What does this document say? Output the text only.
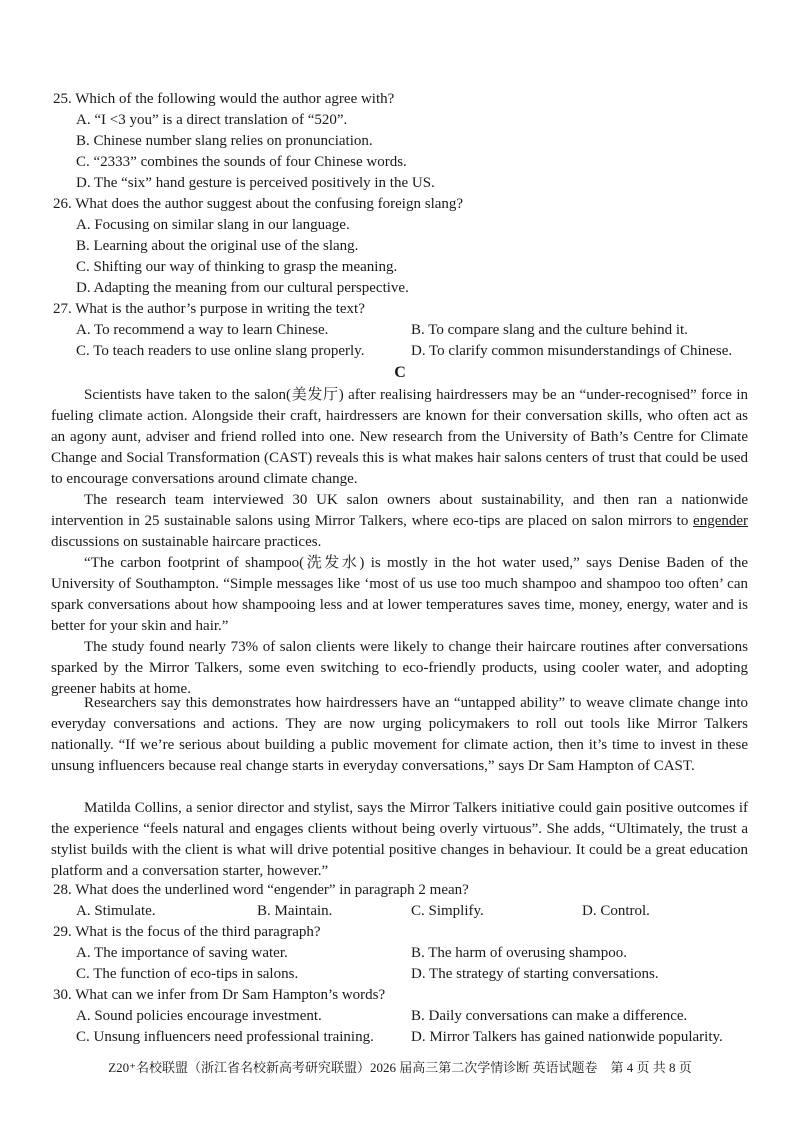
25. Which of the following would the author agree with?
A. “I <3 you” is a direct translation of “520”.
B. Chinese number slang relies on pronunciation.
C. “2333” combines the sounds of four Chinese words.
D. The “six” hand gesture is perceived positively in the US.
26. What does the author suggest about the confusing foreign slang?
A. Focusing on similar slang in our language.
B. Learning about the original use of the slang.
C. Shifting our way of thinking to grasp the meaning.
D. Adapting the meaning from our cultural perspective.
27. What is the author’s purpose in writing the text?
A. To recommend a way to learn Chinese.	B. To compare slang and the culture behind it.
C. To teach readers to use online slang properly.	D. To clarify common misunderstandings of Chinese.
C

Scientists have taken to the salon(美发厅) after realising hairdressers may be an “under-recognised” force in fueling climate action. Alongside their craft, hairdressers are known for their conversation skills, who often act as an agony aunt, adviser and friend rolled into one. New research from the University of Bath’s Centre for Climate Change and Social Transformation (CAST) reveals this is what makes hair salons centers of trust that could be used to encourage conversations around climate change.

The research team interviewed 30 UK salon owners about sustainability, and then ran a nationwide intervention in 25 sustainable salons using Mirror Talkers, where eco-tips are placed on salon mirrors to engender discussions on sustainable haircare practices.

“The carbon footprint of shampoo(洗发水) is mostly in the hot water used,” says Denise Baden of the University of Southampton. “Simple messages like ‘most of us use too much shampoo and shampoo too often’ can spark conversations about how shampooing less and at lower temperatures saves time, money, energy, water and is better for your skin and hair.”

The study found nearly 73% of salon clients were likely to change their haircare routines after conversations sparked by the Mirror Talkers, some even switching to eco-friendly products, using cooler water, and adopting greener habits at home.

Researchers say this demonstrates how hairdressers have an “untapped ability” to weave climate change into everyday conversations and actions. They are now urging policymakers to roll out tools like Mirror Talkers nationally. “If we’re serious about building a public movement for climate action, then it’s time to invest in these unsung influencers because real change starts in everyday conversations,” says Dr Sam Hampton of CAST.

Matilda Collins, a senior director and stylist, says the Mirror Talkers initiative could gain positive outcomes if the experience “feels natural and engages clients without being overly virtuous”. She adds, “Ultimately, the trust a stylist builds with the client is what will drive potential positive changes in behaviour. It could be a great education platform and a conversation starter, however.”

28. What does the underlined word “engender” in paragraph 2 mean?
A. Stimulate.	B. Maintain.	C. Simplify.	D. Control.
29. What is the focus of the third paragraph?
A. The importance of saving water.	B. The harm of overusing shampoo.
C. The function of eco-tips in salons.	D. The strategy of starting conversations.
30. What can we infer from Dr Sam Hampton’s words?
A. Sound policies encourage investment.	B. Daily conversations can make a difference.
C. Unsung influencers need professional training. D. Mirror Talkers has gained nationwide popularity.
Z20⁺名校联盟（浙江省名校新高考研究联盟）2026 届高三第二次学情诊断 英语试题卷　第 4 页 共 8 页
